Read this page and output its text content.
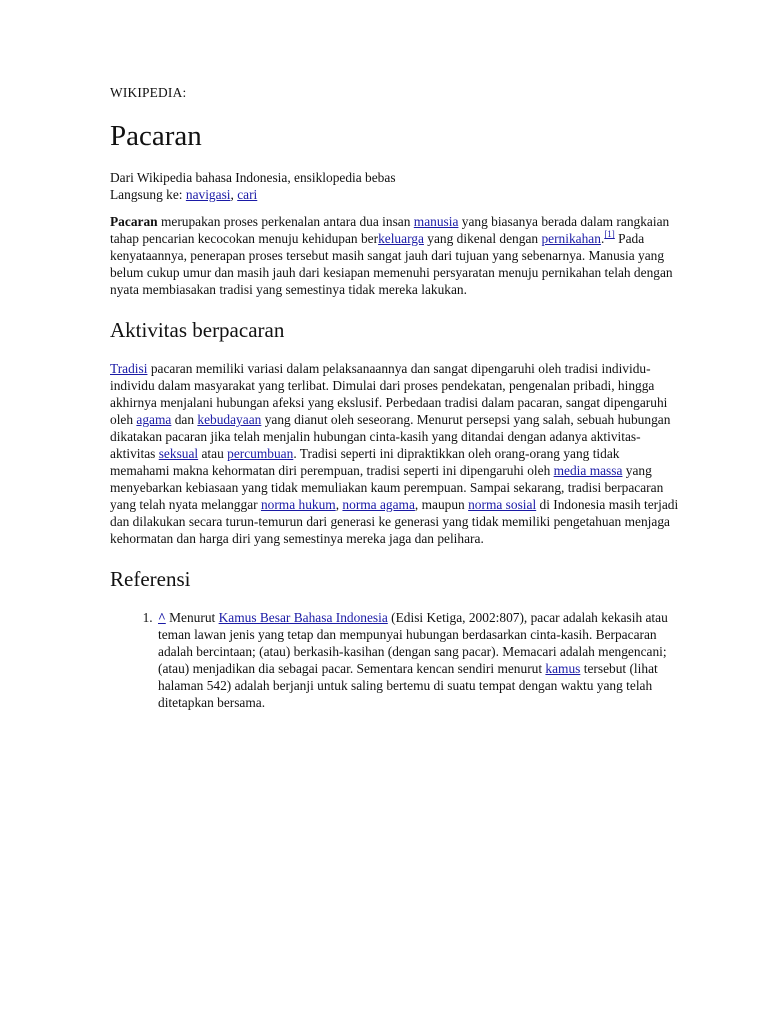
WIKIPEDIA:
Pacaran
Dari Wikipedia bahasa Indonesia, ensiklopedia bebas
Langsung ke: navigasi, cari

Pacaran merupakan proses perkenalan antara dua insan manusia yang biasanya berada dalam rangkaian tahap pencarian kecocokan menuju kehidupan berkeluarga yang dikenal dengan pernikahan.[1] Pada kenyataannya, penerapan proses tersebut masih sangat jauh dari tujuan yang sebenarnya. Manusia yang belum cukup umur dan masih jauh dari kesiapan memenuhi persyaratan menuju pernikahan telah dengan nyata membiasakan tradisi yang semestinya tidak mereka lakukan.

Aktivitas berpacaran

Tradisi pacaran memiliki variasi dalam pelaksanaannya dan sangat dipengaruhi oleh tradisi individu-individu dalam masyarakat yang terlibat. Dimulai dari proses pendekatan, pengenalan pribadi, hingga akhirnya menjalani hubungan afeksi yang ekslusif. Perbedaan tradisi dalam pacaran, sangat dipengaruhi oleh agama dan kebudayaan yang dianut oleh seseorang. Menurut persepsi yang salah, sebuah hubungan dikatakan pacaran jika telah menjalin hubungan cinta-kasih yang ditandai dengan adanya aktivitas-aktivitas seksual atau percumbuan. Tradisi seperti ini dipraktikkan oleh orang-orang yang tidak memahami makna kehormatan diri perempuan, tradisi seperti ini dipengaruhi oleh media massa yang menyebarkan kebiasaan yang tidak memuliakan kaum perempuan. Sampai sekarang, tradisi berpacaran yang telah nyata melanggar norma hukum, norma agama, maupun norma sosial di Indonesia masih terjadi dan dilakukan secara turun-temurun dari generasi ke generasi yang tidak memiliki pengetahuan menjaga kehormatan dan harga diri yang semestinya mereka jaga dan pelihara.

Referensi
1. ^ Menurut Kamus Besar Bahasa Indonesia (Edisi Ketiga, 2002:807), pacar adalah kekasih atau teman lawan jenis yang tetap dan mempunyai hubungan berdasarkan cinta-kasih. Berpacaran adalah bercintaan; (atau) berkasih-kasihan (dengan sang pacar). Memacari adalah mengencani; (atau) menjadikan dia sebagai pacar. Sementara kencan sendiri menurut kamus tersebut (lihat halaman 542) adalah berjanji untuk saling bertemu di suatu tempat dengan waktu yang telah ditetapkan bersama.
